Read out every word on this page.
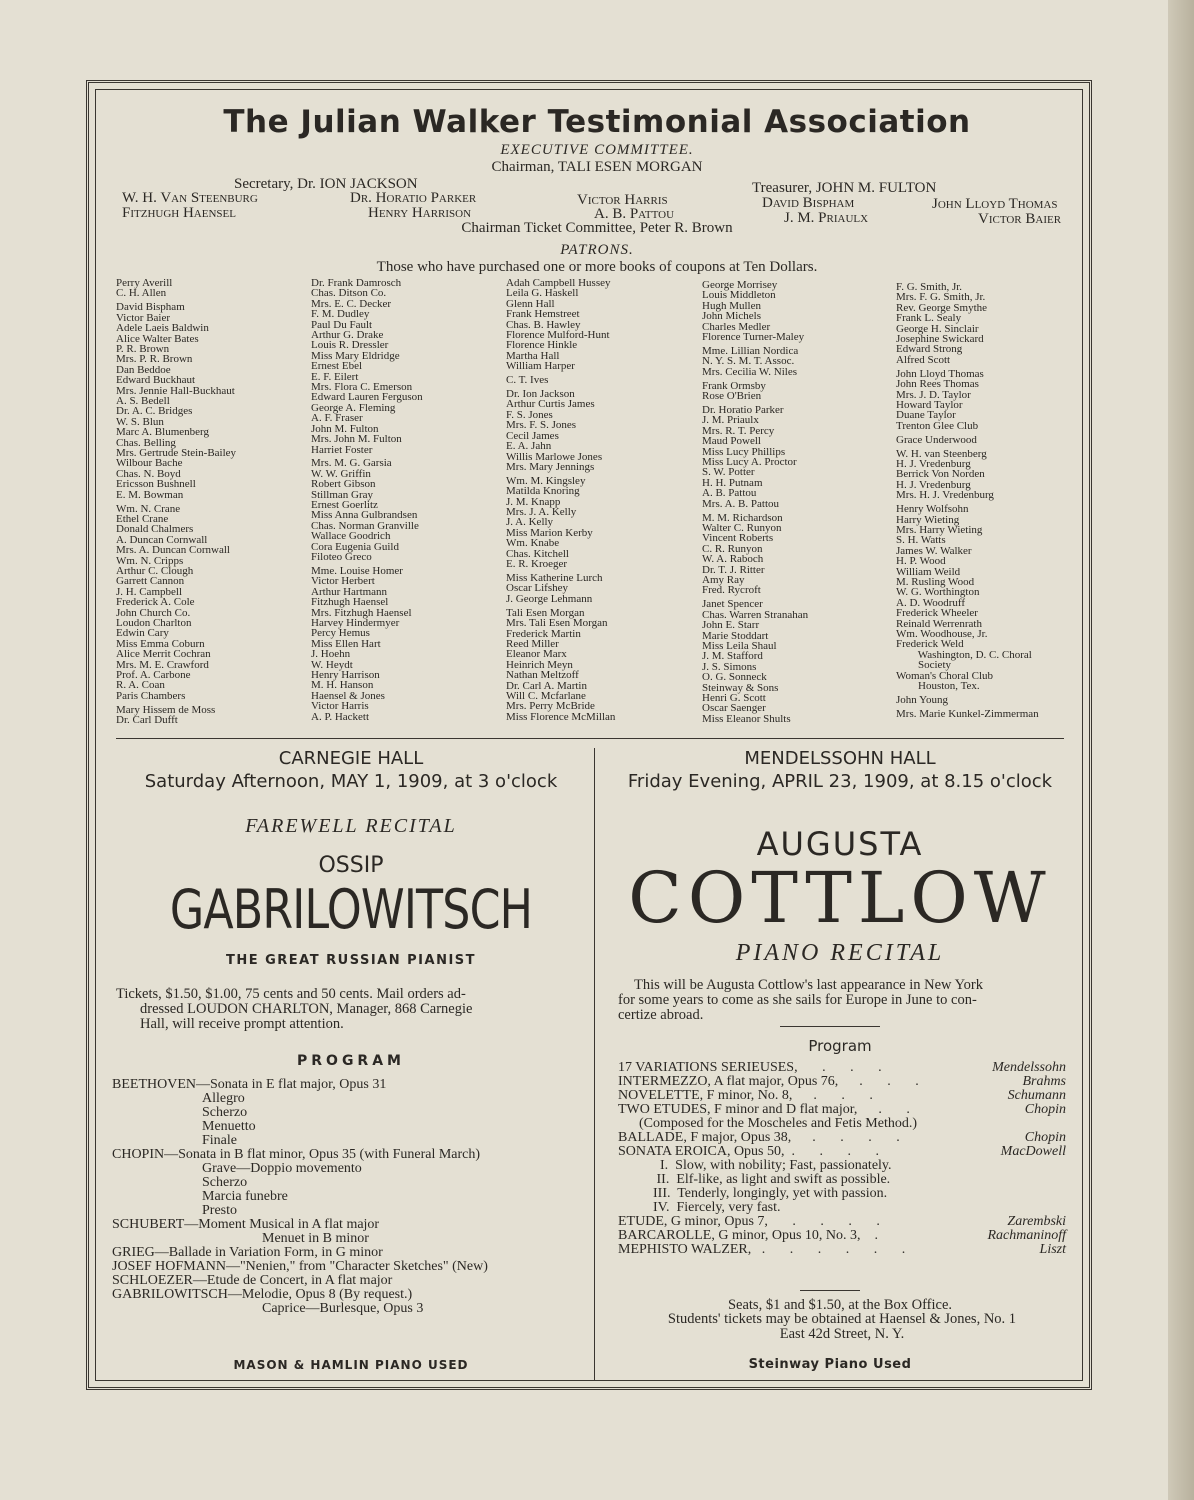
The Julian Walker Testimonial Association
EXECUTIVE COMMITTEE.
Chairman, TALI ESEN MORGAN
Secretary, Dr. ION JACKSON	Treasurer, JOHN M. FULTON
W. H. Van Steenburg	Dr. Horatio Parker	Victor Harris	David Bispham	John Lloyd Thomas
Fitzhugh Haensel	Henry Harrison	A. B. Pattou	J. M. Priaulx	Victor Baier
Chairman Ticket Committee, Peter R. Brown
PATRONS.
Those who have purchased one or more books of coupons at Ten Dollars.
Perry Averill
C. H. Allen
David Bispham
Victor Baier
Adele Laeis Baldwin
Alice Walter Bates
P. R. Brown
Mrs. P. R. Brown
Dan Beddoe
Edward Buckhaut
Mrs. Jennie Hall-Buckhaut
A. S. Bedell
Dr. A. C. Bridges
W. S. Blun
Marc A. Blumenberg
Chas. Belling
Mrs. Gertrude Stein-Bailey
Wilbour Bache
Chas. N. Boyd
Ericsson Bushnell
E. M. Bowman
Wm. N. Crane
Ethel Crane
Donald Chalmers
A. Duncan Cornwall
Mrs. A. Duncan Cornwall
Wm. N. Cripps
Arthur C. Clough
Garrett Cannon
J. H. Campbell
Frederick A. Cole
John Church Co.
Loudon Charlton
Edwin Cary
Miss Emma Coburn
Alice Merrit Cochran
Mrs. M. E. Crawford
Prof. A. Carbone
R. A. Coan
Paris Chambers
Mary Hissem de Moss
Dr. Carl Dufft
Dr. Frank Damrosch
Chas. Ditson Co.
Mrs. E. C. Decker
F. M. Dudley
Paul Du Fault
Arthur G. Drake
Louis R. Dressler
Miss Mary Eldridge
Ernest Ebel
E. F. Eilert
Mrs. Flora C. Emerson
Edward Lauren Ferguson
George A. Fleming
A. F. Fraser
John M. Fulton
Mrs. John M. Fulton
Harriet Foster
Mrs. M. G. Garsia
W. W. Griffin
Robert Gibson
Stillman Gray
Ernest Goerlitz
Miss Anna Gulbrandsen
Chas. Norman Granville
Wallace Goodrich
Cora Eugenia Guild
Filoteo Greco
Mme. Louise Homer
Victor Herbert
Arthur Hartmann
Fitzhugh Haensel
Mrs. Fitzhugh Haensel
Harvey Hindermyer
Percy Hemus
Miss Ellen Hart
J. Hoehn
W. Heydt
Henry Harrison
M. H. Hanson
Haensel & Jones
Victor Harris
A. P. Hackett
Adah Campbell Hussey
Leila G. Haskell
Glenn Hall
Frank Hemstreet
Chas. B. Hawley
Florence Mulford-Hunt
Florence Hinkle
Martha Hall
William Harper
C. T. Ives
Dr. Ion Jackson
Arthur Curtis James
F. S. Jones
Mrs. F. S. Jones
Cecil James
E. A. Jahn
Willis Marlowe Jones
Mrs. Mary Jennings
Wm. M. Kingsley
Matilda Knoring
J. M. Knapp
Mrs. J. A. Kelly
J. A. Kelly
Miss Marion Kerby
Wm. Knabe
Chas. Kitchell
E. R. Kroeger
Miss Katherine Lurch
Oscar Lifshey
J. George Lehmann
Tali Esen Morgan
Mrs. Tali Esen Morgan
Frederick Martin
Reed Miller
Eleanor Marx
Heinrich Meyn
Nathan Meltzoff
Dr. Carl A. Martin
Will C. Mcfarlane
Mrs. Perry McBride
Miss Florence McMillan
George Morrisey
Louis Middleton
Hugh Mullen
John Michels
Charles Medler
Florence Turner-Maley
Mme. Lillian Nordica
N. Y. S. M. T. Assoc.
Mrs. Cecilia W. Niles
Frank Ormsby
Rose O'Brien
Dr. Horatio Parker
J. M. Priaulx
Mrs. R. T. Percy
Maud Powell
Miss Lucy Phillips
Miss Lucy A. Proctor
S. W. Potter
H. H. Putnam
A. B. Pattou
Mrs. A. B. Pattou
M. M. Richardson
Walter C. Runyon
Vincent Roberts
C. R. Runyon
W. A. Raboch
Dr. T. J. Ritter
Amy Ray
Fred. Rycroft
Janet Spencer
Chas. Warren Stranahan
John E. Starr
Marie Stoddart
Miss Leila Shaul
J. M. Stafford
J. S. Simons
O. G. Sonneck
Steinway & Sons
Henri G. Scott
Oscar Saenger
Miss Eleanor Shults
F. G. Smith, Jr.
Mrs. F. G. Smith, Jr.
Rev. George Smythe
Frank L. Sealy
George H. Sinclair
Josephine Swickard
Edward Strong
Alfred Scott
John Lloyd Thomas
John Rees Thomas
Mrs. J. D. Taylor
Howard Taylor
Duane Taylor
Trenton Glee Club
Grace Underwood
W. H. van Steenberg
H. J. Vredenburg
Berrick Von Norden
H. J. Vredenburg
Mrs. H. J. Vredenburg
Henry Wolfsohn
Harry Wieting
Mrs. Harry Wieting
S. H. Watts
James W. Walker
H. P. Wood
William Weild
M. Rusling Wood
W. G. Worthington
A. D. Woodruff
Frederick Wheeler
Reinald Werrenrath
Wm. Woodhouse, Jr.
Frederick Weld
Washington, D. C. Choral
Society
Woman's Choral Club
Houston, Tex.
John Young
Mrs. Marie Kunkel-Zimmerman
CARNEGIE HALL
Saturday Afternoon, MAY 1, 1909, at 3 o'clock
FAREWELL RECITAL
OSSIP
GABRILOWITSCH
THE GREAT RUSSIAN PIANIST
Tickets, $1.50, $1.00, 75 cents and 50 cents. Mail orders ad-
dressed LOUDON CHARLTON, Manager, 868 Carnegie
Hall, will receive prompt attention.
PROGRAM
BEETHOVEN—Sonata in E flat major, Opus 31
Allegro
Scherzo
Menuetto
Finale
CHOPIN—Sonata in B flat minor, Opus 35 (with Funeral March)
Grave—Doppio movemento
Scherzo
Marcia funebre
Presto
SCHUBERT—Moment Musical in A flat major
Menuet in B minor
GRIEG—Ballade in Variation Form, in G minor
JOSEF HOFMANN—"Nenien," from "Character Sketches" (New)
SCHLOEZER—Etude de Concert, in A flat major
GABRILOWITSCH—Melodie, Opus 8 (By request.)
Caprice—Burlesque, Opus 3
MASON & HAMLIN PIANO USED
MENDELSSOHN HALL
Friday Evening, APRIL 23, 1909, at 8.15 o'clock
AUGUSTA
COTTLOW
PIANO RECITAL
This will be Augusta Cottlow's last appearance in New York
for some years to come as she sails for Europe in June to con-
certize abroad.
Program
17 VARIATIONS SERIEUSES,       .       .       .	Mendelssohn
INTERMEZZO, A flat major, Opus 76,      .       .       .	Brahms
NOVELETTE, F minor, No. 8,      .       .       .	Schumann
TWO ETUDES, F minor and D flat major,      .       .	Chopin
(Composed for the Moscheles and Fetis Method.)
BALLADE, F major, Opus 38,      .       .       .       .	Chopin
SONATA EROICA, Opus 50,  .       .       .       .	MacDowell
I.  Slow, with nobility; Fast, passionately.
II.  Elf-like, as light and swift as possible.
III.  Tenderly, longingly, yet with passion.
IV.  Fiercely, very fast.
ETUDE, G minor, Opus 7,       .       .       .       .	Zarembski
BARCAROLLE, G minor, Opus 10, No. 3,    .	Rachmaninoff
MEPHISTO WALZER,   .       .       .       .       .       .	Liszt
Seats, $1 and $1.50, at the Box Office.
Students' tickets may be obtained at Haensel & Jones, No. 1
East 42d Street, N. Y.
Steinway Piano Used
